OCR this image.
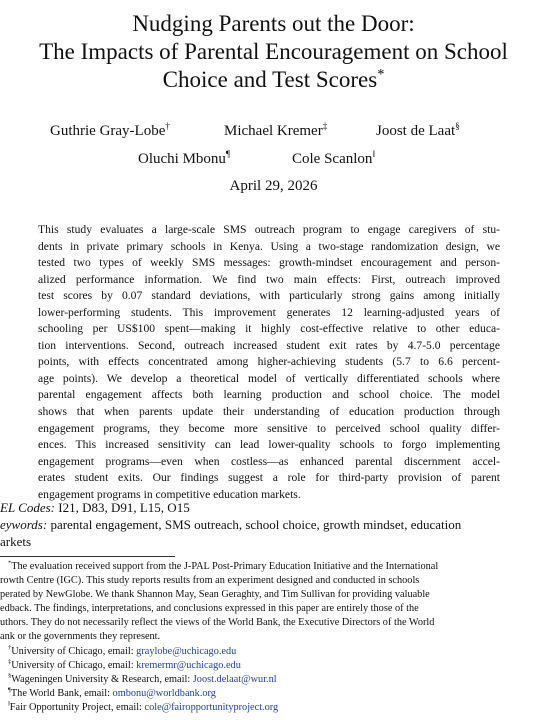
Nudging Parents out the Door:
The Impacts of Parental Encouragement on School
Choice and Test Scores*
Guthrie Gray-Lobe†	Michael Kremer‡	Joost de Laat§
Oluchi Mbonu¶	Cole Scanlon‖
April 29, 2026
This study evaluates a large-scale SMS outreach program to engage caregivers of stu-
dents in private primary schools in Kenya. Using a two-stage randomization design, we
tested two types of weekly SMS messages: growth-mindset encouragement and person-
alized performance information. We find two main effects: First, outreach improved
test scores by 0.07 standard deviations, with particularly strong gains among initially
lower-performing students. This improvement generates 12 learning-adjusted years of
schooling per US$100 spent—making it highly cost-effective relative to other educa-
tion interventions. Second, outreach increased student exit rates by 4.7-5.0 percentage
points, with effects concentrated among higher-achieving students (5.7 to 6.6 percent-
age points). We develop a theoretical model of vertically differentiated schools where
parental engagement affects both learning production and school choice. The model
shows that when parents update their understanding of education production through
engagement programs, they become more sensitive to perceived school quality differ-
ences. This increased sensitivity can lead lower-quality schools to forgo implementing
engagement programs—even when costless—as enhanced parental discernment accel-
erates student exits. Our findings suggest a role for third-party provision of parent
engagement programs in competitive education markets.
EL Codes: I21, D83, D91, L15, O15
eywords: parental engagement, SMS outreach, school choice, growth mindset, education
arkets
*The evaluation received support from the J-PAL Post-Primary Education Initiative and the International
rowth Centre (IGC). This study reports results from an experiment designed and conducted in schools
perated by NewGlobe. We thank Shannon May, Sean Geraghty, and Tim Sullivan for providing valuable
edback. The findings, interpretations, and conclusions expressed in this paper are entirely those of the
uthors. They do not necessarily reflect the views of the World Bank, the Executive Directors of the World
ank or the governments they represent.
†University of Chicago, email: graylobe@uchicago.edu
‡University of Chicago, email: kremermr@uchicago.edu
§Wageningen University & Research, email: Joost.delaat@wur.nl
¶The World Bank, email: ombonu@worldbank.org
‖Fair Opportunity Project, email: cole@fairopportunityproject.org
